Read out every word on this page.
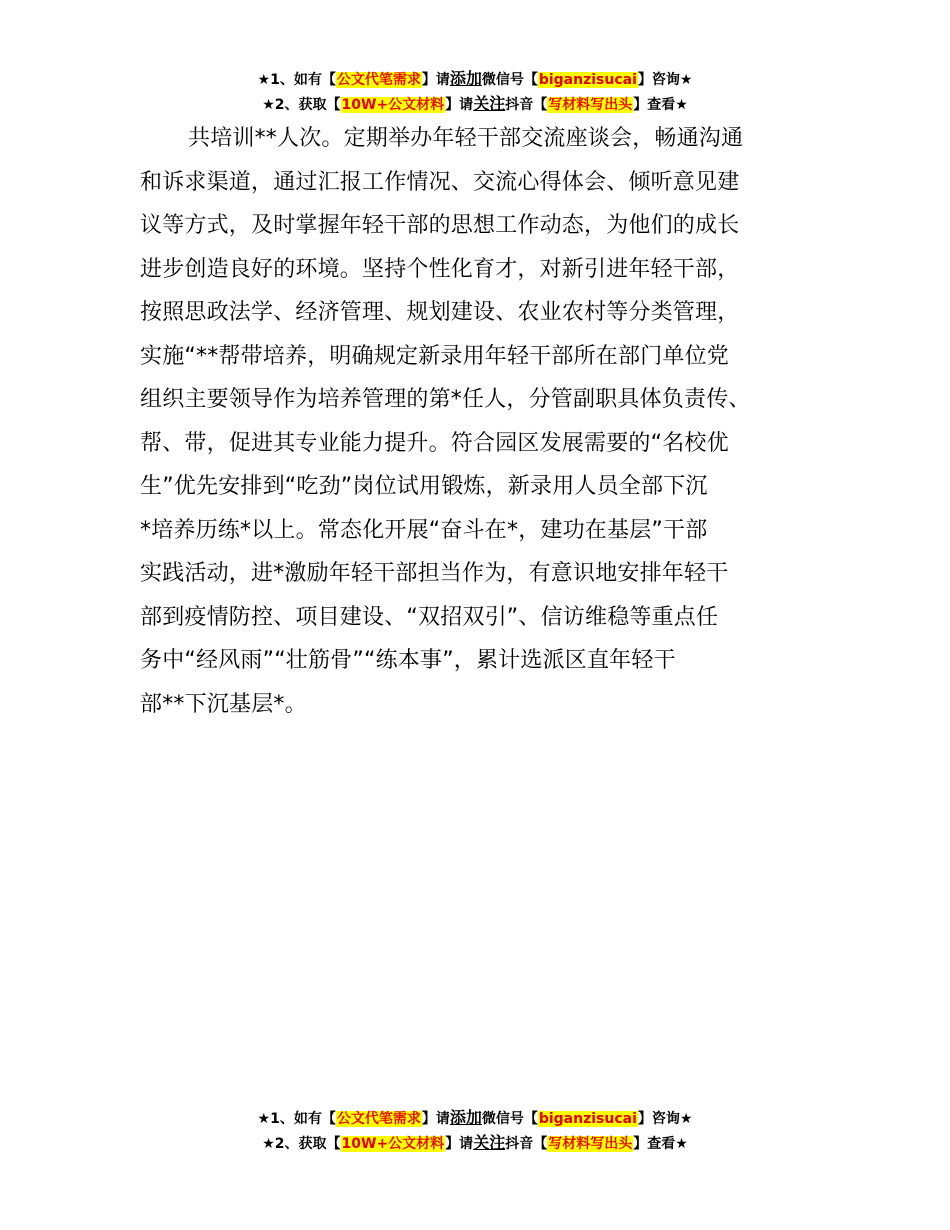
★1、如有【公文代笔需求】请添加微信号【biganzisucai】咨询★
★2、获取【10W+公文材料】请关注抖音【写材料写出头】查看★
共培训**人次。定期举办年轻干部交流座谈会，畅通沟通
和诉求渠道，通过汇报工作情况、交流心得体会、倾听意见建
议等方式，及时掌握年轻干部的思想工作动态，为他们的成长
进步创造良好的环境。坚持个性化育才，对新引进年轻干部，
按照思政法学、经济管理、规划建设、农业农村等分类管理，
实施“**帮带培养，明确规定新录用年轻干部所在部门单位党
组织主要领导作为培养管理的第*任人，分管副职具体负责传、
帮、带，促进其专业能力提升。符合园区发展需要的“名校优
生”优先安排到“吃劲”岗位试用锻炼，新录用人员全部下沉
*培养历练*以上。常态化开展“奋斗在*，建功在基层”干部
实践活动，进*激励年轻干部担当作为，有意识地安排年轻干
部到疫情防控、项目建设、“双招双引”、信访维稳等重点任
务中“经风雨”“壮筋骨”“练本事”，累计选派区直年轻干
部**下沉基层*。
★1、如有【公文代笔需求】请添加微信号【biganzisucai】咨询★
★2、获取【10W+公文材料】请关注抖音【写材料写出头】查看★
